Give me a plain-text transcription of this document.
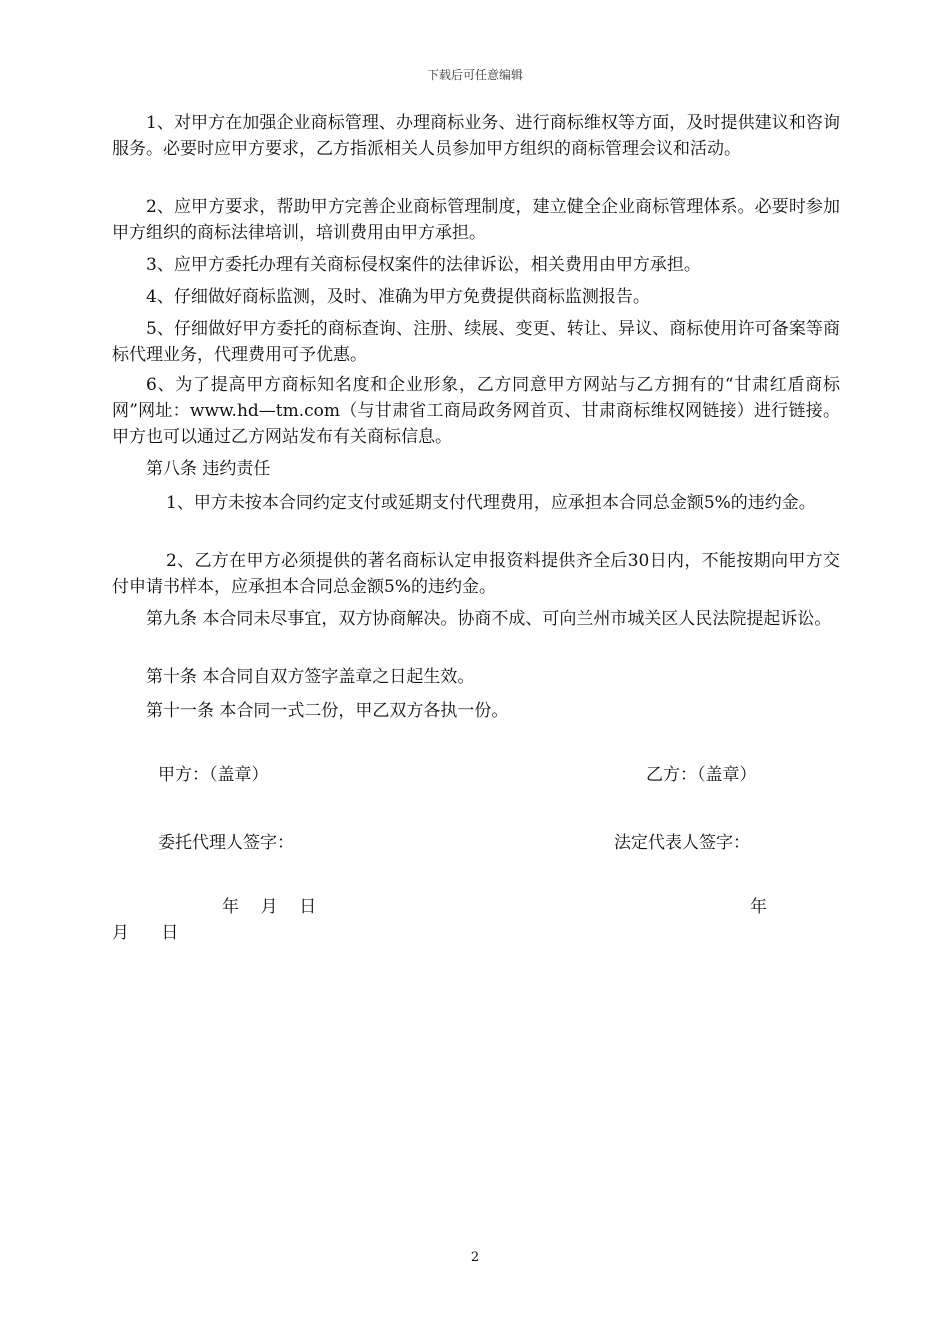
下载后可任意编辑

1、对甲方在加强企业商标管理、办理商标业务、进行商标维权等方面，及时提供建议和咨询服务。必要时应甲方要求，乙方指派相关人员参加甲方组织的商标管理会议和活动。

2、应甲方要求，帮助甲方完善企业商标管理制度，建立健全企业商标管理体系。必要时参加甲方组织的商标法律培训，培训费用由甲方承担。

3、应甲方委托办理有关商标侵权案件的法律诉讼，相关费用由甲方承担。

4、仔细做好商标监测，及时、准确为甲方免费提供商标监测报告。

5、仔细做好甲方委托的商标查询、注册、续展、变更、转让、异议、商标使用许可备案等商标代理业务，代理费用可予优惠。

6、为了提高甲方商标知名度和企业形象，乙方同意甲方网站与乙方拥有的“甘肃红盾商标网”网址：www.hd—tm.com（与甘肃省工商局政务网首页、甘肃商标维权网链接）进行链接。甲方也可以通过乙方网站发布有关商标信息。

第八条 违约责任

1、甲方未按本合同约定支付或延期支付代理费用，应承担本合同总金额5%的违约金。

2、乙方在甲方必须提供的著名商标认定申报资料提供齐全后30日内，不能按期向甲方交付申请书样本，应承担本合同总金额5%的违约金。

第九条 本合同未尽事宜，双方协商解决。协商不成、可向兰州市城关区人民法院提起诉讼。

第十条 本合同自双方签字盖章之日起生效。

第十一条 本合同一式二份，甲乙双方各执一份。

甲方：（盖章）	乙方：（盖章）

委托代理人签字：	法定代表人签字：

年    月    日	年

月      日

2
